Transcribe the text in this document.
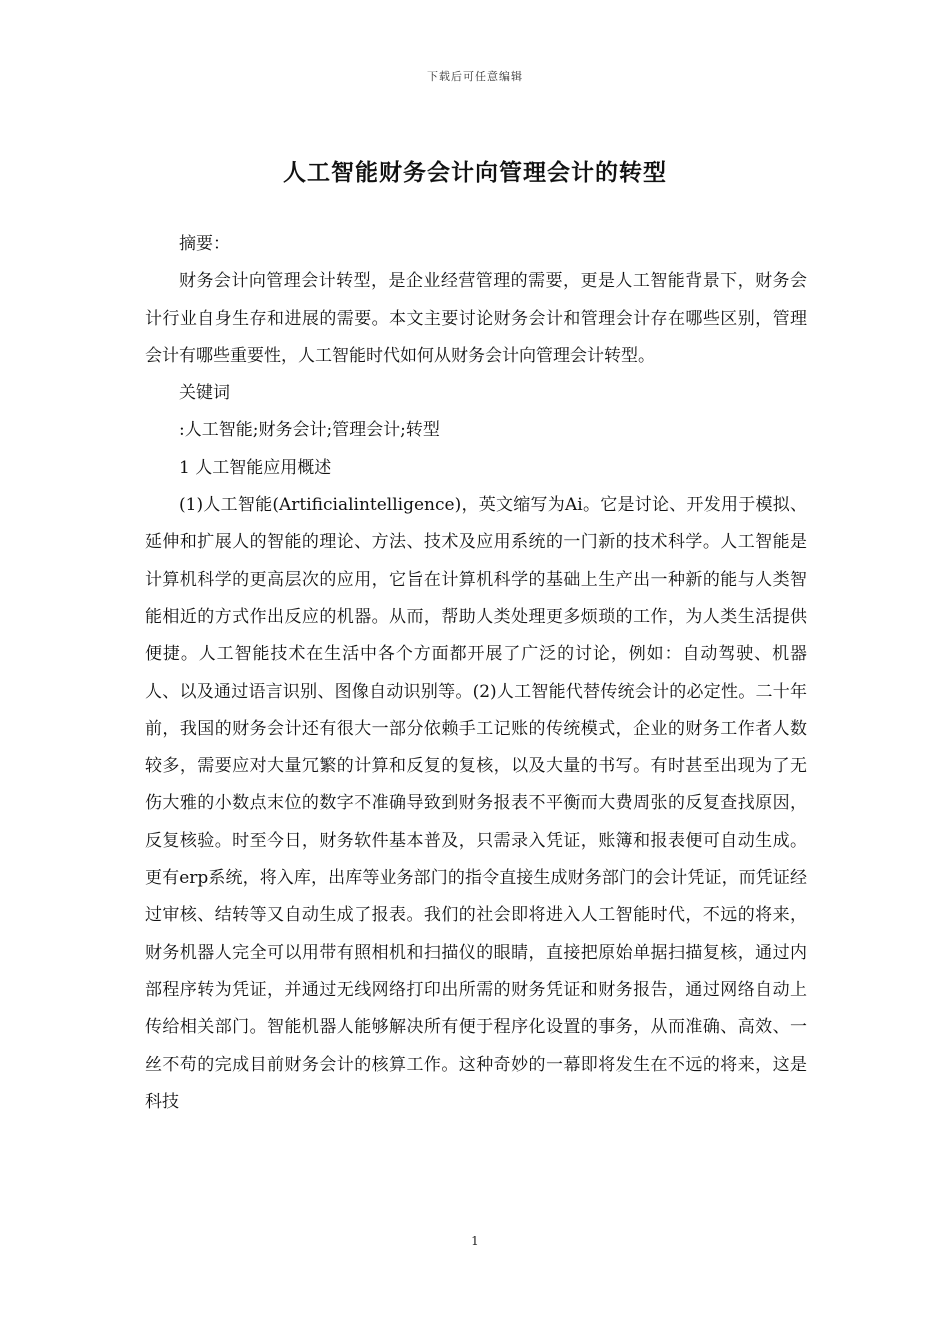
下载后可任意编辑
人工智能财务会计向管理会计的转型

摘要：

财务会计向管理会计转型，是企业经营管理的需要，更是人工智能背景下，财务会计行业自身生存和进展的需要。本文主要讨论财务会计和管理会计存在哪些区别，管理会计有哪些重要性，人工智能时代如何从财务会计向管理会计转型。

关键词

:人工智能;财务会计;管理会计;转型

1 人工智能应用概述

(1)人工智能(Artificialintelligence)，英文缩写为Ai。它是讨论、开发用于模拟、延伸和扩展人的智能的理论、方法、技术及应用系统的一门新的技术科学。人工智能是计算机科学的更高层次的应用，它旨在计算机科学的基础上生产出一种新的能与人类智能相近的方式作出反应的机器。从而，帮助人类处理更多烦琐的工作，为人类生活提供便捷。人工智能技术在生活中各个方面都开展了广泛的讨论，例如：自动驾驶、机器人、以及通过语言识别、图像自动识别等。(2)人工智能代替传统会计的必定性。二十年前，我国的财务会计还有很大一部分依赖手工记账的传统模式，企业的财务工作者人数较多，需要应对大量冗繁的计算和反复的复核，以及大量的书写。有时甚至出现为了无伤大雅的小数点末位的数字不准确导致到财务报表不平衡而大费周张的反复查找原因，反复核验。时至今日，财务软件基本普及，只需录入凭证，账簿和报表便可自动生成。更有erp系统，将入库，出库等业务部门的指令直接生成财务部门的会计凭证，而凭证经过审核、结转等又自动生成了报表。我们的社会即将进入人工智能时代，不远的将来，财务机器人完全可以用带有照相机和扫描仪的眼睛，直接把原始单据扫描复核，通过内部程序转为凭证，并通过无线网络打印出所需的财务凭证和财务报告，通过网络自动上传给相关部门。智能机器人能够解决所有便于程序化设置的事务，从而准确、高效、一丝不苟的完成目前财务会计的核算工作。这种奇妙的一幕即将发生在不远的将来，这是科技

1
